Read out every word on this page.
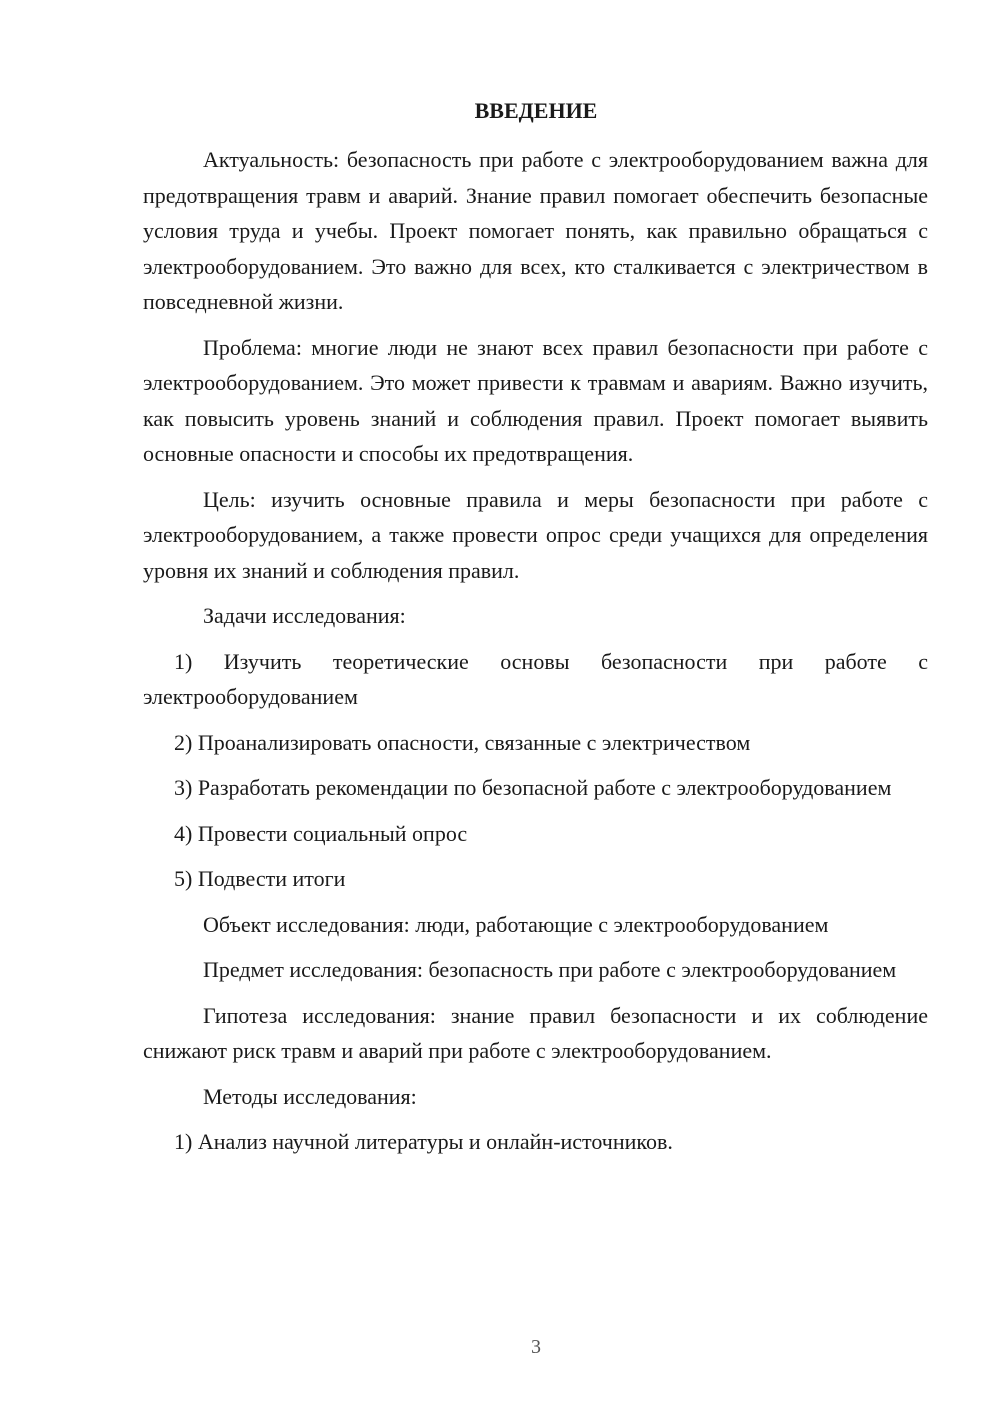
ВВЕДЕНИЕ

Актуальность: безопасность при работе с электрооборудованием важна для предотвращения травм и аварий. Знание правил помогает обеспечить безопасные условия труда и учебы. Проект помогает понять, как правильно обращаться с электрооборудованием. Это важно для всех, кто сталкивается с электричеством в повседневной жизни.

Проблема: многие люди не знают всех правил безопасности при работе с электрооборудованием. Это может привести к травмам и авариям. Важно изучить, как повысить уровень знаний и соблюдения правил. Проект помогает выявить основные опасности и способы их предотвращения.

Цель: изучить основные правила и меры безопасности при работе с электрооборудованием, а также провести опрос среди учащихся для определения уровня их знаний и соблюдения правил.

Задачи исследования:

1) Изучить теоретические основы безопасности при работе с электрооборудованием

2) Проанализировать опасности, связанные с электричеством

3) Разработать рекомендации по безопасной работе с электрооборудованием

4) Провести социальный опрос

5) Подвести итоги

Объект исследования: люди, работающие с электрооборудованием

Предмет исследования: безопасность при работе с электрооборудованием

Гипотеза исследования: знание правил безопасности и их соблюдение снижают риск травм и аварий при работе с электрооборудованием.

Методы исследования:

1) Анализ научной литературы и онлайн-источников.

3
